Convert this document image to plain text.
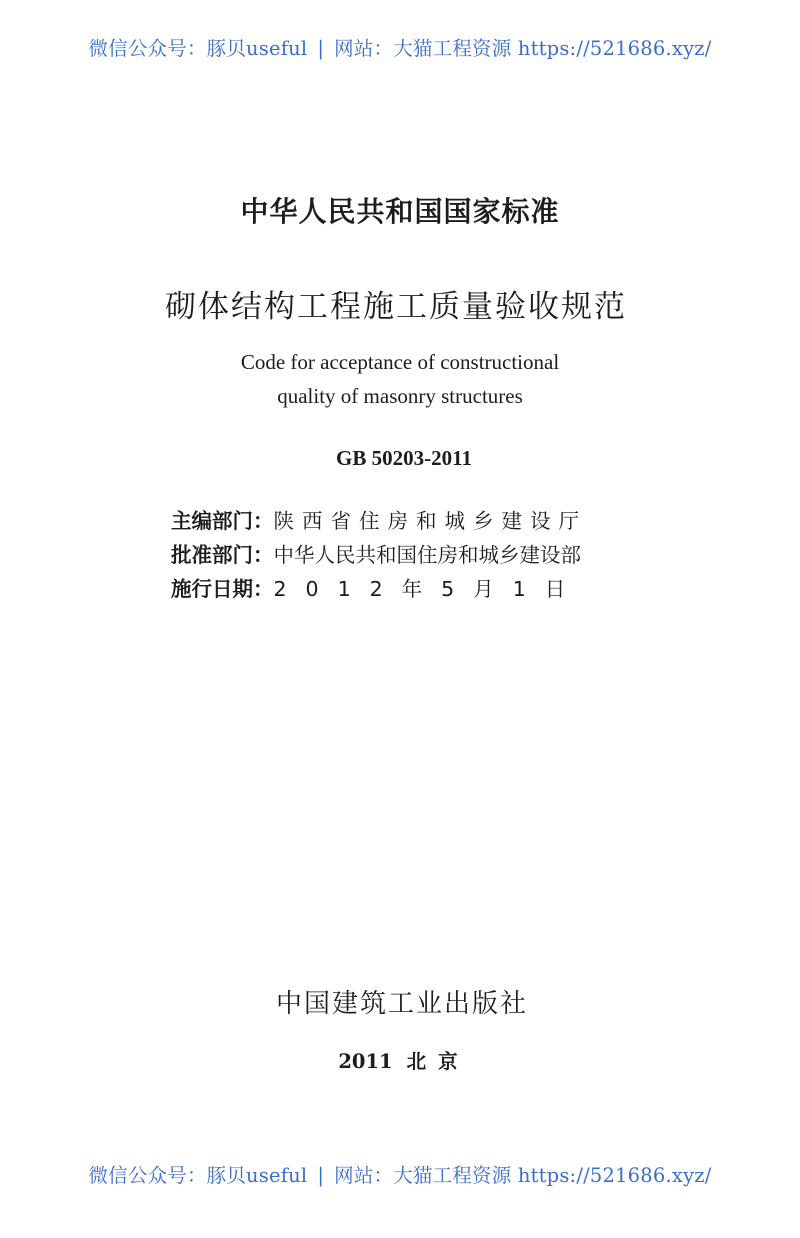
微信公众号：豚贝useful | 网站：大猫工程资源 https://521686.xyz/
中华人民共和国国家标准
砌体结构工程施工质量验收规范
Code for acceptance of constructional
quality of masonry structures
GB 50203-2011
主编部门：陕西省住房和城乡建设厅
批准部门：中华人民共和国住房和城乡建设部
施行日期：2012年5月1日
中国建筑工业出版社
2011 北京
微信公众号：豚贝useful | 网站：大猫工程资源 https://521686.xyz/
